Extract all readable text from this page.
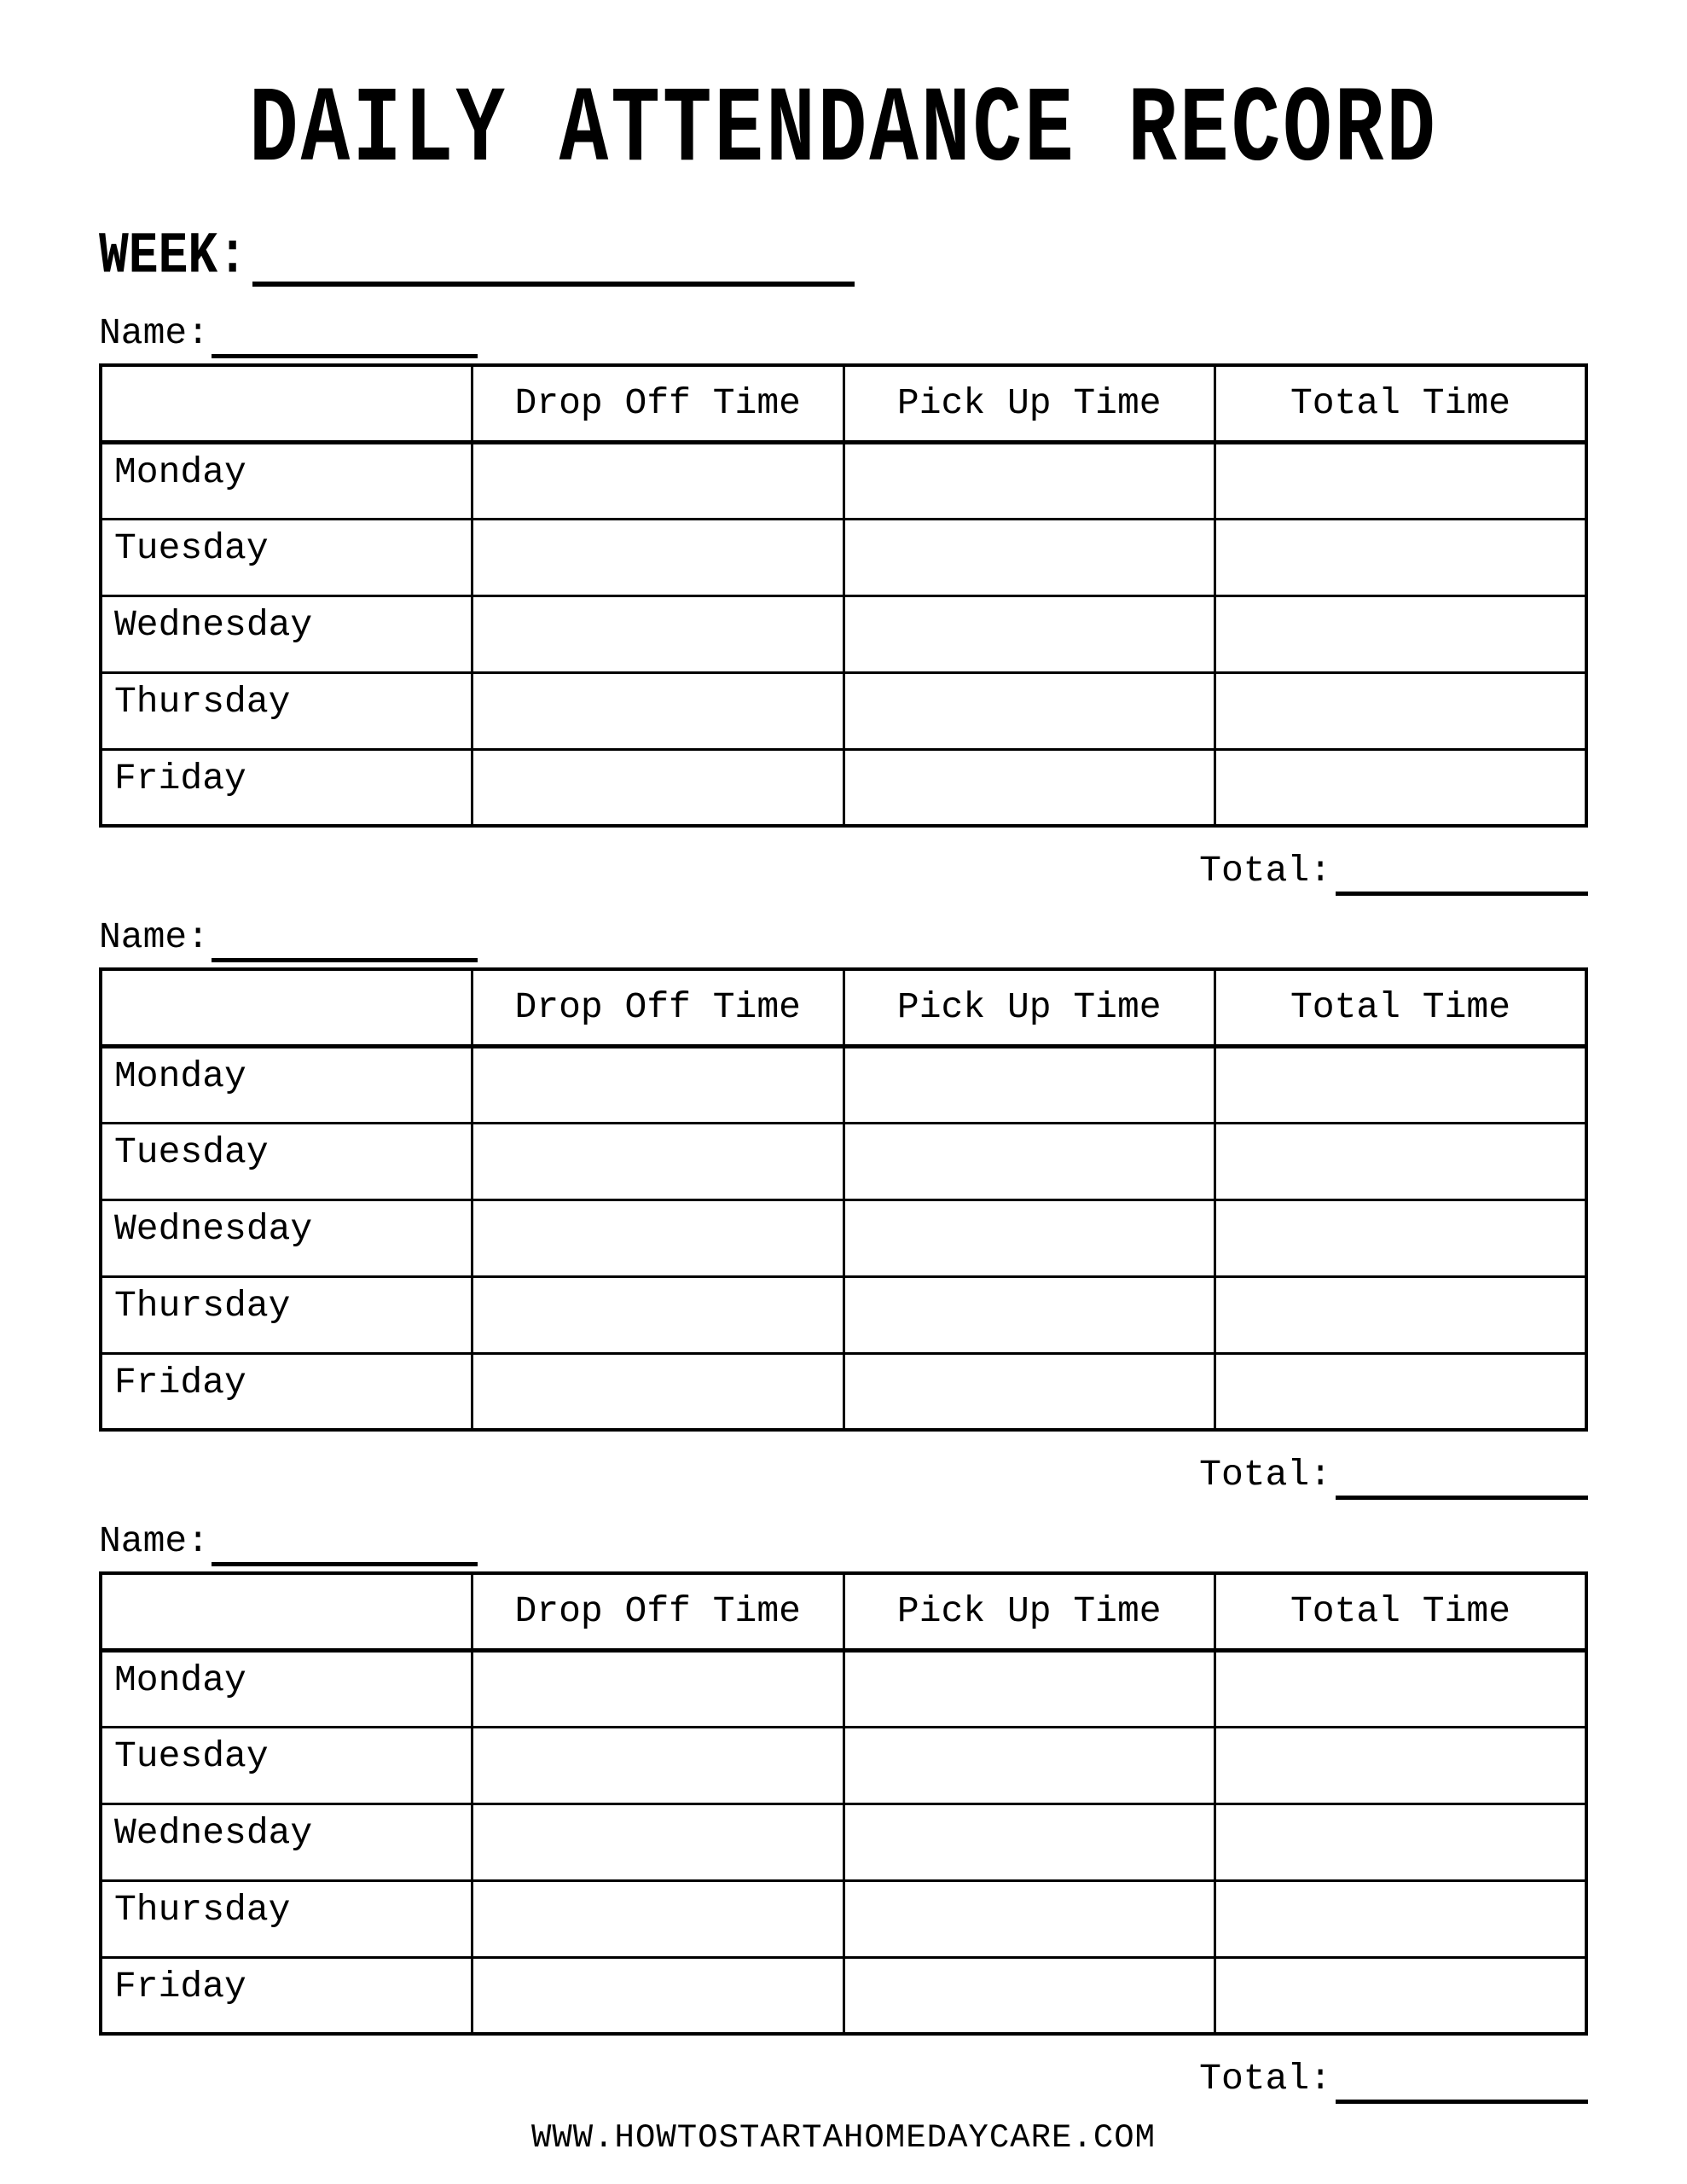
DAILY ATTENDANCE RECORD
WEEK:
Name:
	Drop Off Time	Pick Up Time	Total Time
Monday			
Tuesday			
Wednesday			
Thursday			
Friday			
Total:
Name:
	Drop Off Time	Pick Up Time	Total Time
Monday			
Tuesday			
Wednesday			
Thursday			
Friday			
Total:
Name:
	Drop Off Time	Pick Up Time	Total Time
Monday			
Tuesday			
Wednesday			
Thursday			
Friday			
Total:
WWW.HOWTOSTARTAHOMEDAYCARE.COM
